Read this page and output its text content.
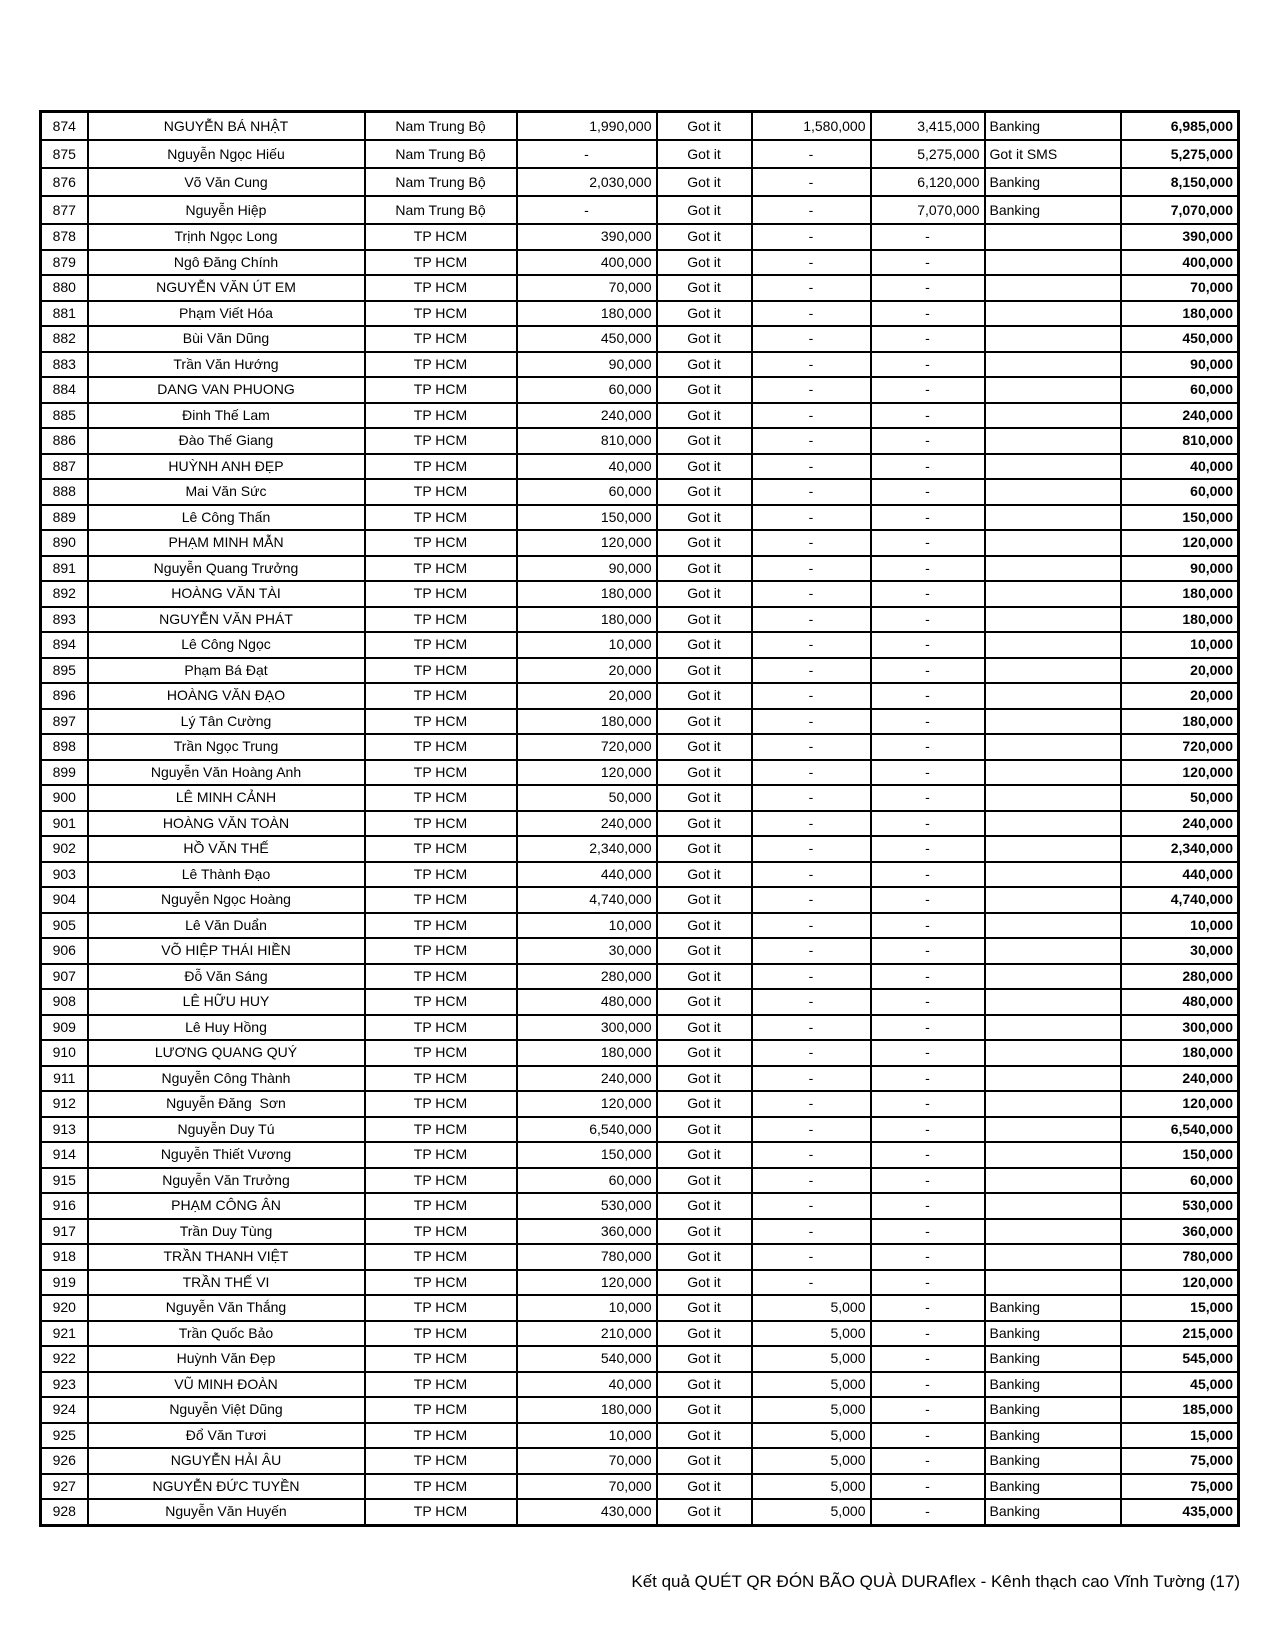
874	NGUYỄN BÁ NHẬT	Nam Trung Bộ	1,990,000	Got it	1,580,000	3,415,000	Banking	6,985,000
875	Nguyễn Ngọc Hiếu	Nam Trung Bộ	-	Got it	-	5,275,000	Got it SMS	5,275,000
876	Võ Văn Cung	Nam Trung Bộ	2,030,000	Got it	-	6,120,000	Banking	8,150,000
877	Nguyễn Hiệp	Nam Trung Bộ	-	Got it	-	7,070,000	Banking	7,070,000
878	Trịnh Ngọc Long	TP HCM	390,000	Got it	-	-		390,000
879	Ngô Đăng Chính	TP HCM	400,000	Got it	-	-		400,000
880	NGUYỄN VĂN ÚT EM	TP HCM	70,000	Got it	-	-		70,000
881	Phạm Viết Hóa	TP HCM	180,000	Got it	-	-		180,000
882	Bùi Văn Dũng	TP HCM	450,000	Got it	-	-		450,000
883	Trần Văn Hướng	TP HCM	90,000	Got it	-	-		90,000
884	DANG VAN PHUONG	TP HCM	60,000	Got it	-	-		60,000
885	Đinh Thế Lam	TP HCM	240,000	Got it	-	-		240,000
886	Đào Thế Giang	TP HCM	810,000	Got it	-	-		810,000
887	HUỲNH ANH ĐẸP	TP HCM	40,000	Got it	-	-		40,000
888	Mai Văn Sức	TP HCM	60,000	Got it	-	-		60,000
889	Lê Công Thấn	TP HCM	150,000	Got it	-	-		150,000
890	PHẠM MINH MẪN	TP HCM	120,000	Got it	-	-		120,000
891	Nguyễn Quang Trưởng	TP HCM	90,000	Got it	-	-		90,000
892	HOÀNG VĂN TÀI	TP HCM	180,000	Got it	-	-		180,000
893	NGUYỄN VĂN PHÁT	TP HCM	180,000	Got it	-	-		180,000
894	Lê Công Ngọc	TP HCM	10,000	Got it	-	-		10,000
895	Phạm Bá Đạt	TP HCM	20,000	Got it	-	-		20,000
896	HOÀNG VĂN ĐẠO	TP HCM	20,000	Got it	-	-		20,000
897	Lý Tân Cường	TP HCM	180,000	Got it	-	-		180,000
898	Trần Ngọc Trung	TP HCM	720,000	Got it	-	-		720,000
899	Nguyễn Văn Hoàng Anh	TP HCM	120,000	Got it	-	-		120,000
900	LÊ MINH CẢNH	TP HCM	50,000	Got it	-	-		50,000
901	HOÀNG VĂN TOÀN	TP HCM	240,000	Got it	-	-		240,000
902	HỒ VĂN THẾ	TP HCM	2,340,000	Got it	-	-		2,340,000
903	Lê Thành Đạo	TP HCM	440,000	Got it	-	-		440,000
904	Nguyễn Ngọc Hoàng	TP HCM	4,740,000	Got it	-	-		4,740,000
905	Lê Văn Duẩn	TP HCM	10,000	Got it	-	-		10,000
906	VÕ HIỆP THÁI HIỀN	TP HCM	30,000	Got it	-	-		30,000
907	Đỗ Văn Sáng	TP HCM	280,000	Got it	-	-		280,000
908	LÊ HỮU HUY	TP HCM	480,000	Got it	-	-		480,000
909	Lê Huy Hồng	TP HCM	300,000	Got it	-	-		300,000
910	LƯƠNG QUANG QUÝ	TP HCM	180,000	Got it	-	-		180,000
911	Nguyễn Công Thành	TP HCM	240,000	Got it	-	-		240,000
912	Nguyễn Đăng  Sơn	TP HCM	120,000	Got it	-	-		120,000
913	Nguyễn Duy Tú	TP HCM	6,540,000	Got it	-	-		6,540,000
914	Nguyễn Thiết Vương	TP HCM	150,000	Got it	-	-		150,000
915	Nguyễn Văn Trưởng	TP HCM	60,000	Got it	-	-		60,000
916	PHẠM CÔNG ÂN	TP HCM	530,000	Got it	-	-		530,000
917	Trần Duy Tùng	TP HCM	360,000	Got it	-	-		360,000
918	TRẦN THANH VIỆT	TP HCM	780,000	Got it	-	-		780,000
919	TRẦN THẾ VI	TP HCM	120,000	Got it	-	-		120,000
920	Nguyễn Văn Thắng	TP HCM	10,000	Got it	5,000	-	Banking	15,000
921	Trần Quốc Bảo	TP HCM	210,000	Got it	5,000	-	Banking	215,000
922	Huỳnh Văn Đẹp	TP HCM	540,000	Got it	5,000	-	Banking	545,000
923	VŨ MINH ĐOÀN	TP HCM	40,000	Got it	5,000	-	Banking	45,000
924	Nguyễn Việt Dũng	TP HCM	180,000	Got it	5,000	-	Banking	185,000
925	Đổ Văn Tươi	TP HCM	10,000	Got it	5,000	-	Banking	15,000
926	NGUYỄN HẢI ÂU	TP HCM	70,000	Got it	5,000	-	Banking	75,000
927	NGUYỄN ĐỨC TUYỀN	TP HCM	70,000	Got it	5,000	-	Banking	75,000
928	Nguyễn Văn Huyến	TP HCM	430,000	Got it	5,000	-	Banking	435,000
Kết quả QUÉT QR ĐÓN BÃO QUÀ DURAflex - Kênh thạch cao Vĩnh Tường (17)
